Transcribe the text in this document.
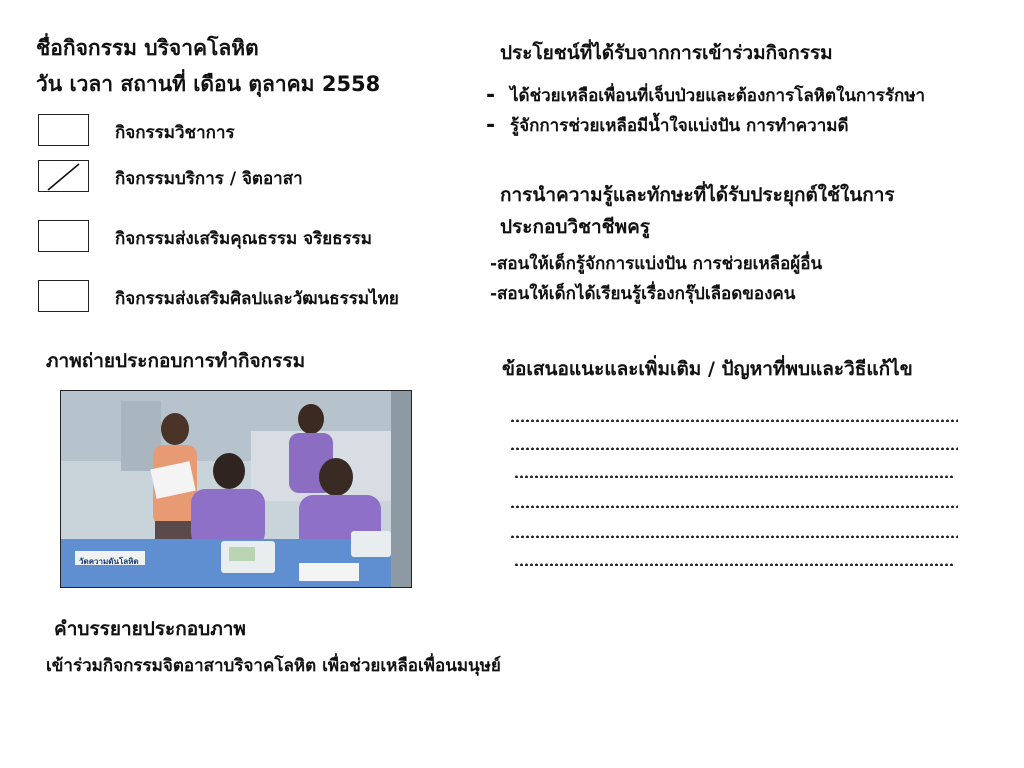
ชื่อกิจกรรม บริจาคโลหิต
วัน เวลา สถานที่ เดือน ตุลาคม 2558
กิจกรรมวิชาการ
กิจกรรมบริการ / จิตอาสา
กิจกรรมส่งเสริมคุณธรรม จริยธรรม
กิจกรรมส่งเสริมศิลปและวัฒนธรรมไทย
ภาพถ่ายประกอบการทำกิจกรรม
วัดความดันโลหิต
คำบรรยายประกอบภาพ
เข้าร่วมกิจกรรมจิตอาสาบริจาคโลหิต เพื่อช่วยเหลือเพื่อนมนุษย์
ประโยชน์ที่ได้รับจากการเข้าร่วมกิจกรรม
- ได้ช่วยเหลือเพื่อนที่เจ็บป่วยและต้องการโลหิตในการรักษา
- รู้จักการช่วยเหลือมีน้ำใจแบ่งปัน การทำความดี
การนำความรู้และทักษะที่ได้รับประยุกต์ใช้ในการ
ประกอบวิชาชีพครู
-สอนให้เด็กรู้จักการแบ่งปัน การช่วยเหลือผู้อื่น
-สอนให้เด็กได้เรียนรู้เรื่องกรุ๊ปเลือดของคน
ข้อเสนอแนะและเพิ่มเติม / ปัญหาที่พบและวิธีแก้ไข
